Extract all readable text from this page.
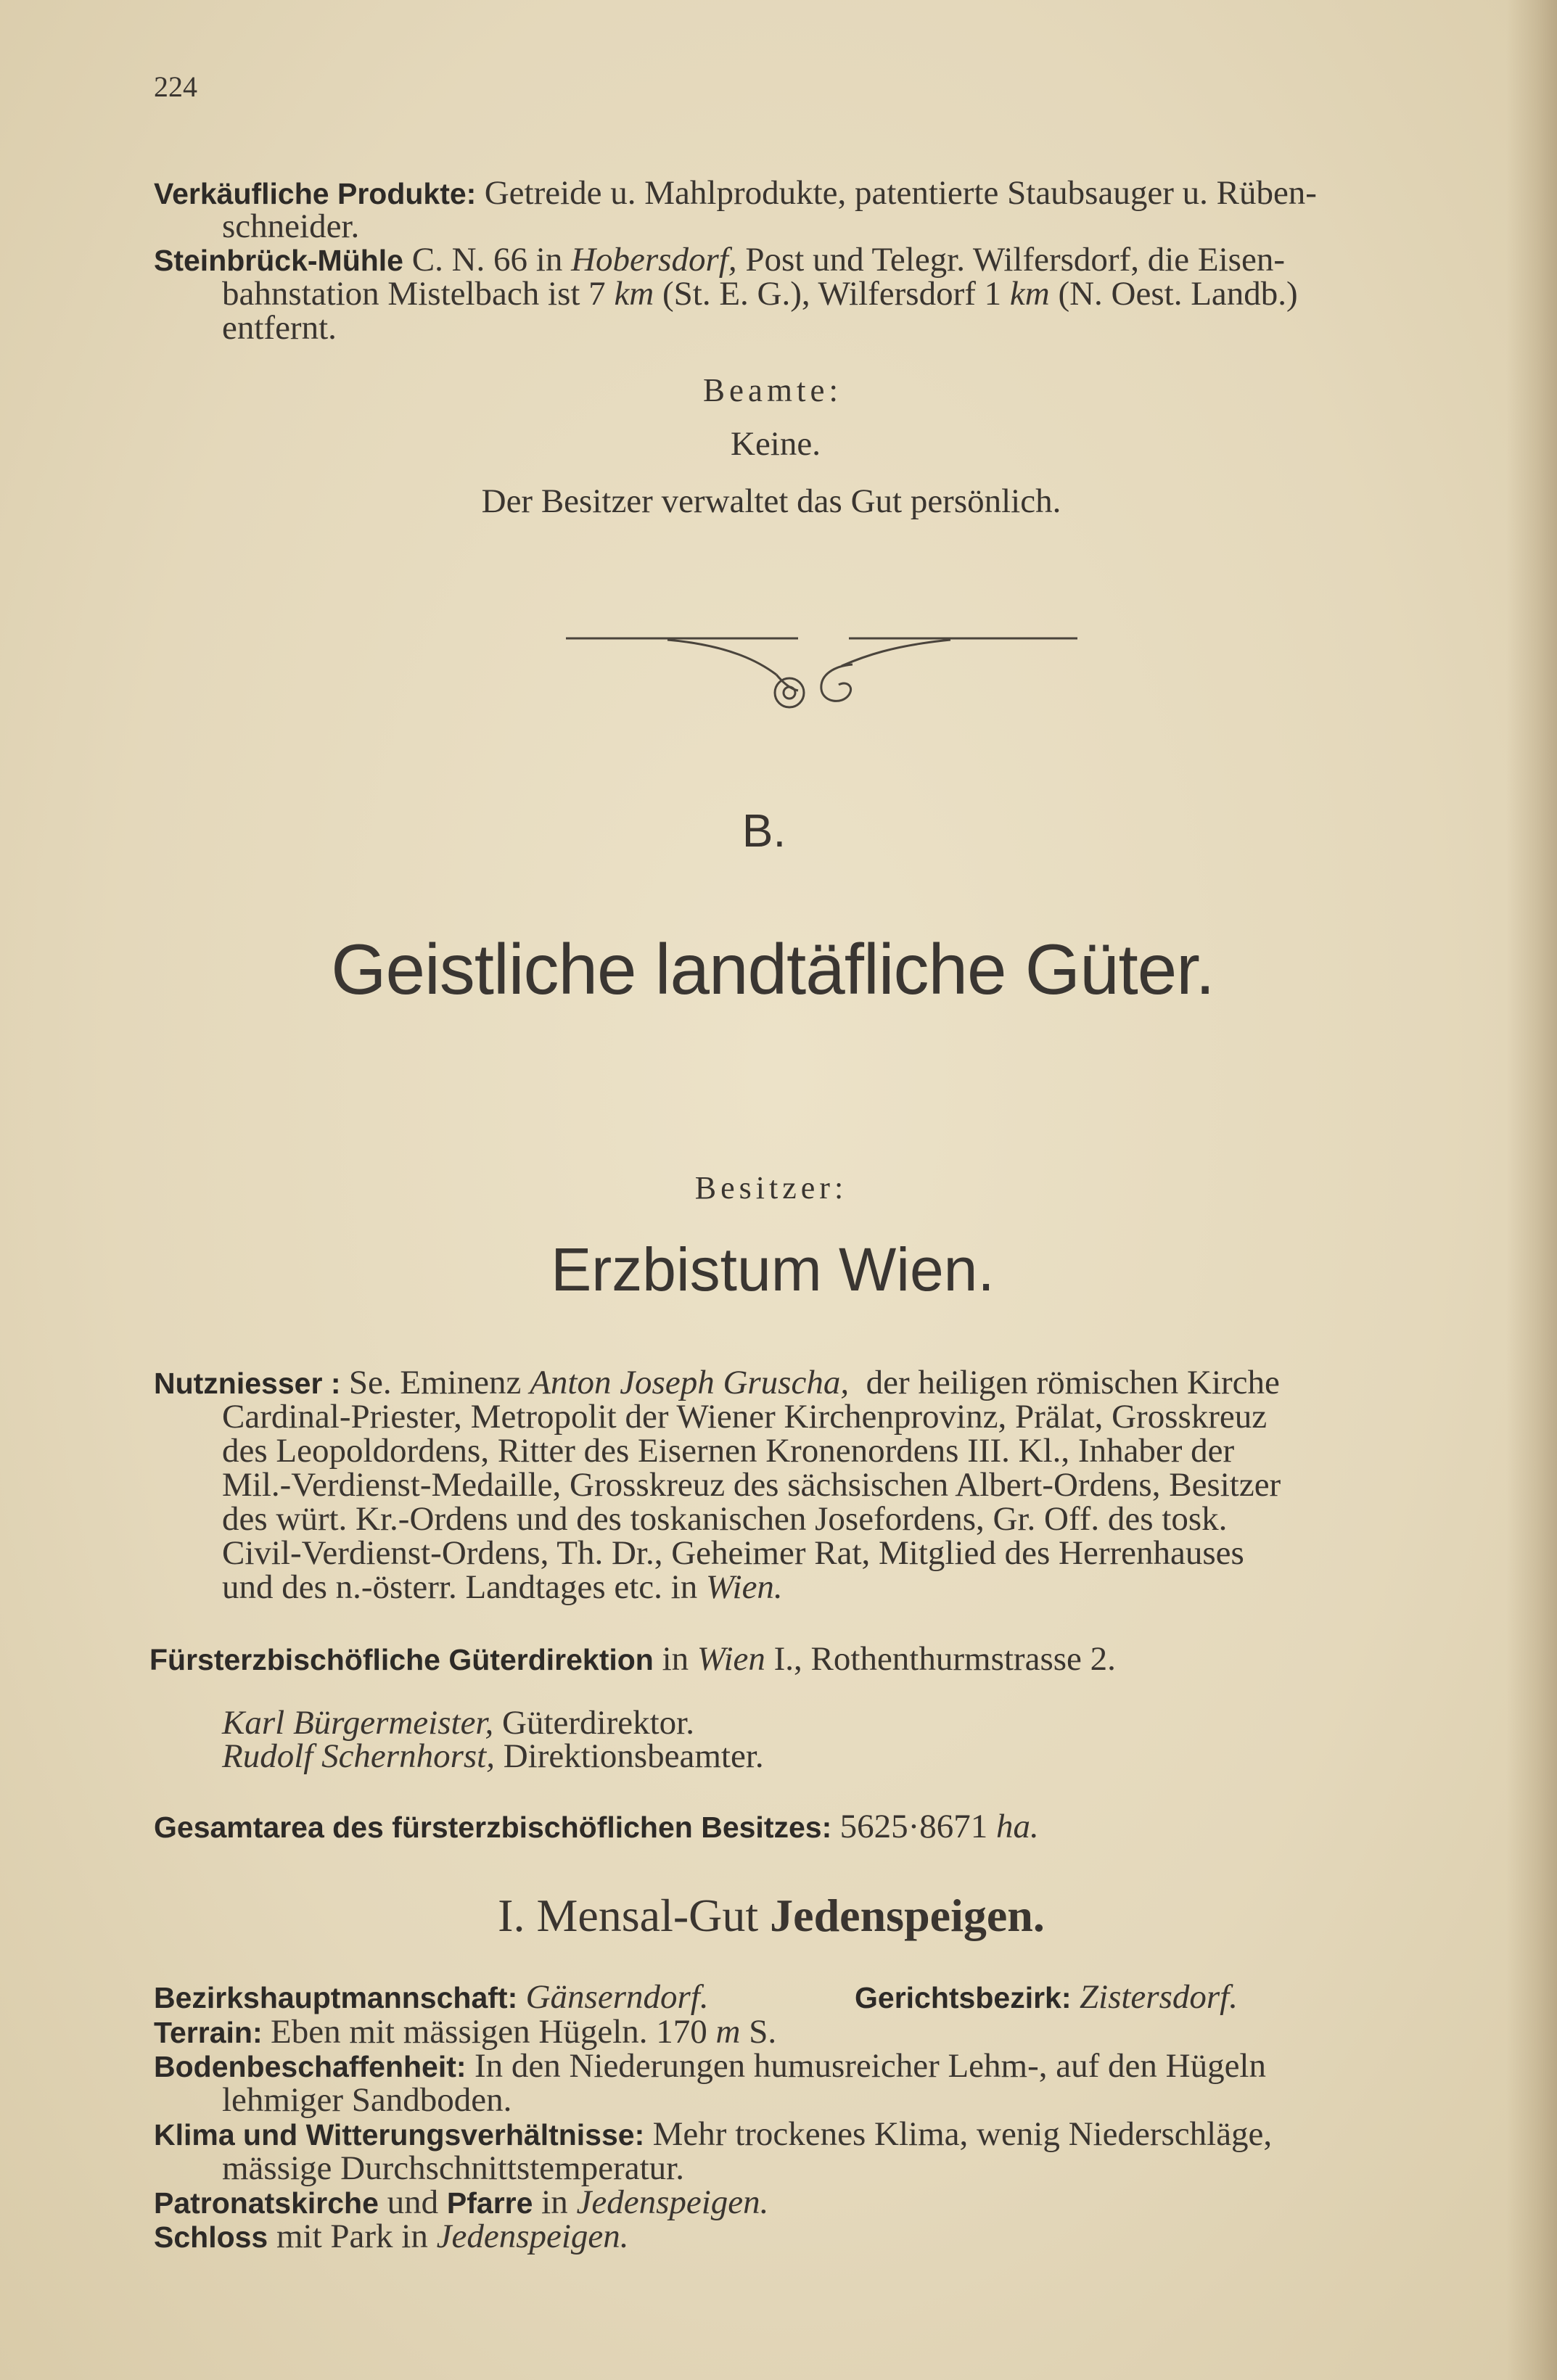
224
Verkäufliche Produkte: Getreide u. Mahlprodukte, patentierte Staubsauger u. Rüben-
schneider.
Steinbrück-Mühle C. N. 66 in Hobersdorf, Post und Telegr. Wilfersdorf, die Eisen-
bahnstation Mistelbach ist 7 km (St. E. G.), Wilfersdorf 1 km (N. Oest. Landb.)
entfernt.
Beamte:
Keine.
Der Besitzer verwaltet das Gut persönlich.
B.
Geistliche landtäfliche Güter.
Besitzer:
Erzbistum Wien.
Nutzniesser : Se. Eminenz Anton Joseph Gruscha, der heiligen römischen Kirche
Cardinal-Priester, Metropolit der Wiener Kirchenprovinz, Prälat, Grosskreuz
des Leopoldordens, Ritter des Eisernen Kronenordens III. Kl., Inhaber der
Mil.-Verdienst-Medaille, Grosskreuz des sächsischen Albert-Ordens, Besitzer
des würt. Kr.-Ordens und des toskanischen Josefordens, Gr. Off. des tosk.
Civil-Verdienst-Ordens, Th. Dr., Geheimer Rat, Mitglied des Herrenhauses
und des n.-österr. Landtages etc. in Wien.
Fürsterzbischöfliche Güterdirektion in Wien I., Rothenthurmstrasse 2.
Karl Bürgermeister, Güterdirektor.
Rudolf Schernhorst, Direktionsbeamter.
Gesamtarea des fürsterzbischöflichen Besitzes: 5625·8671 ha.
I. Mensal-Gut Jedenspeigen.
Bezirkshauptmannschaft: Gänserndorf.	Gerichtsbezirk: Zistersdorf.
Terrain: Eben mit mässigen Hügeln. 170 m S.
Bodenbeschaffenheit: In den Niederungen humusreicher Lehm-, auf den Hügeln
lehmiger Sandboden.
Klima und Witterungsverhältnisse: Mehr trockenes Klima, wenig Niederschläge,
mässige Durchschnittstemperatur.
Patronatskirche und Pfarre in Jedenspeigen.
Schloss mit Park in Jedenspeigen.
